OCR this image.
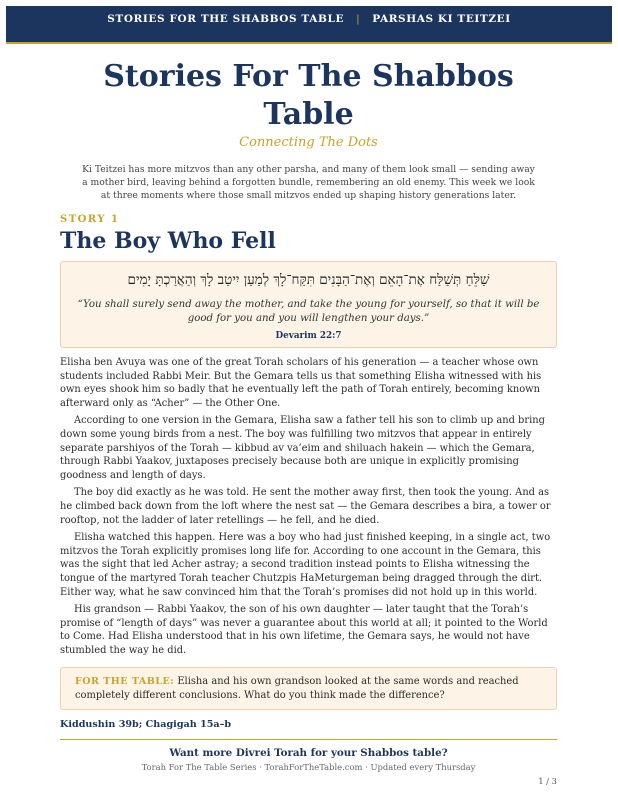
STORIES FOR THE SHABBOS TABLE | PARSHAS KI TEITZEI
Stories For The Shabbos Table
Connecting The Dots
Ki Teitzei has more mitzvos than any other parsha, and many of them look small — sending away a mother bird, leaving behind a forgotten bundle, remembering an old enemy. This week we look at three moments where those small mitzvos ended up shaping history generations later.
STORY 1
The Boy Who Fell
שַׁלֵּחַ תְּשַׁלַּח אֶת־הָאֵם וְאֶת־הַבָּנִים תִּקַּח־לָךְ לְמַעַן יִיטַב לָךְ וְהַאֲרַכְתָּ יָמִים
“You shall surely send away the mother, and take the young for yourself, so that it will be good for you and you will lengthen your days.”
Devarim 22:7

Elisha ben Avuya was one of the great Torah scholars of his generation — a teacher whose own students included Rabbi Meir. But the Gemara tells us that something Elisha witnessed with his own eyes shook him so badly that he eventually left the path of Torah entirely, becoming known afterward only as “Acher” — the Other One.

According to one version in the Gemara, Elisha saw a father tell his son to climb up and bring down some young birds from a nest. The boy was fulfilling two mitzvos that appear in entirely separate parshiyos of the Torah — kibbud av va’eim and shiluach hakein — which the Gemara, through Rabbi Yaakov, juxtaposes precisely because both are unique in explicitly promising goodness and length of days.

The boy did exactly as he was told. He sent the mother away first, then took the young. And as he climbed back down from the loft where the nest sat — the Gemara describes a bira, a tower or rooftop, not the ladder of later retellings — he fell, and he died.

Elisha watched this happen. Here was a boy who had just finished keeping, in a single act, two mitzvos the Torah explicitly promises long life for. According to one account in the Gemara, this was the sight that led Acher astray; a second tradition instead points to Elisha witnessing the tongue of the martyred Torah teacher Chutzpis HaMeturgeman being dragged through the dirt. Either way, what he saw convinced him that the Torah’s promises did not hold up in this world.

His grandson — Rabbi Yaakov, the son of his own daughter — later taught that the Torah’s promise of “length of days” was never a guarantee about this world at all; it pointed to the World to Come. Had Elisha understood that in his own lifetime, the Gemara says, he would not have stumbled the way he did.

FOR THE TABLE: Elisha and his own grandson looked at the same words and reached completely different conclusions. What do you think made the difference?
Kiddushin 39b; Chagigah 15a–b
Want more Divrei Torah for your Shabbos table?
Torah For The Table Series · TorahForTheTable.com · Updated every Thursday
1 / 3
